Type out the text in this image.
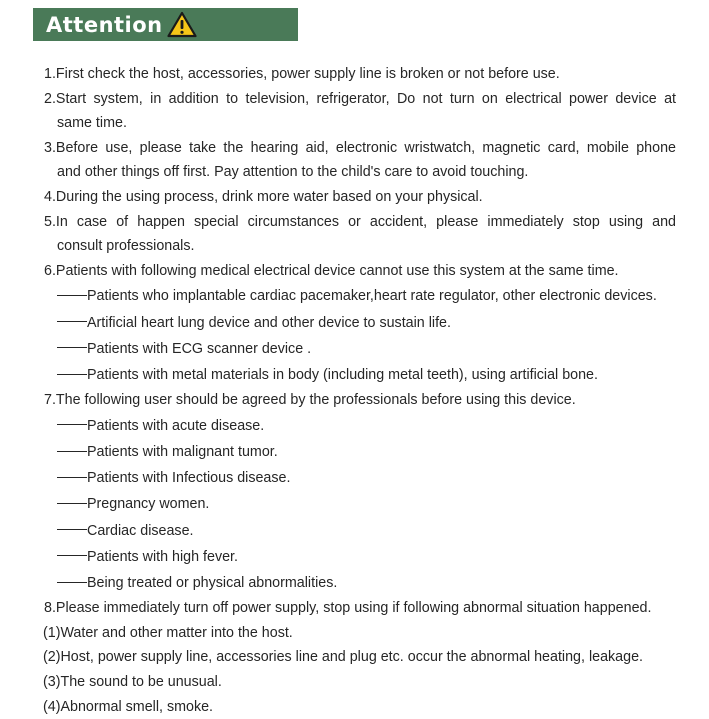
Attention
1.First check the host, accessories, power supply line is broken or not before use.
2.Start system, in addition to television, refrigerator, Do not turn on electrical power device at
same time.
3.Before use, please take the hearing aid, electronic wristwatch, magnetic card, mobile phone
and other things off first. Pay attention to the child's care to avoid touching.
4.During the using process, drink more water based on your physical.
5.In case of happen special circumstances or accident, please immediately stop using and
consult professionals.
6.Patients with following medical electrical device cannot use this system at the same time.
Patients who implantable cardiac pacemaker,heart rate regulator, other electronic devices.
Artificial heart lung device and other device to sustain life.
Patients with ECG scanner device .
Patients with metal materials in body (including metal teeth), using artificial bone.
7.The following user should be agreed by the professionals before using this device.
Patients with acute disease.
Patients with malignant tumor.
Patients with Infectious disease.
Pregnancy women.
Cardiac disease.
Patients with high fever.
Being treated or physical abnormalities.
8.Please immediately turn off power supply, stop using if following abnormal situation happened.
(1)Water and other matter into the host.
(2)Host, power supply line, accessories line and plug etc. occur the abnormal heating, leakage.
(3)The sound to be unusual.
(4)Abnormal smell, smoke.
